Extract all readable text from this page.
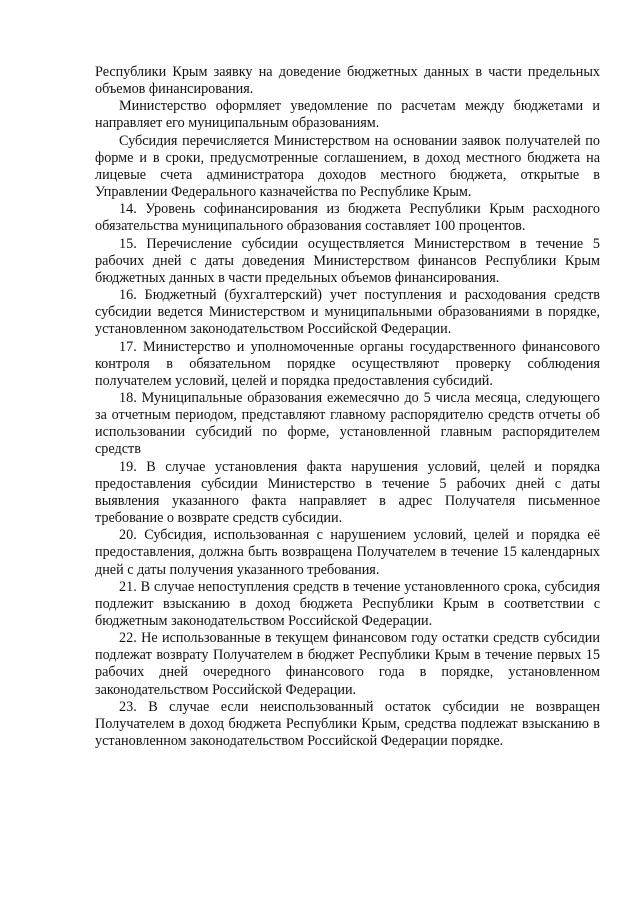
Республики Крым заявку на доведение бюджетных данных в части предельных объемов финансирования.

Министерство оформляет уведомление по расчетам между бюджетами и направляет его муниципальным образованиям.

Субсидия перечисляется Министерством на основании заявок получателей по форме и в сроки, предусмотренные соглашением, в доход местного бюджета на лицевые счета администратора доходов местного бюджета, открытые в Управлении Федерального казначейства по Республике Крым.

14. Уровень софинансирования из бюджета Республики Крым расходного обязательства муниципального образования составляет 100 процентов.

15. Перечисление субсидии осуществляется Министерством в течение 5 рабочих дней с даты доведения Министерством финансов Республики Крым бюджетных данных в части предельных объемов финансирования.

16. Бюджетный (бухгалтерский) учет поступления и расходования средств субсидии ведется Министерством и муниципальными образованиями в порядке, установленном законодательством Российской Федерации.

17. Министерство и уполномоченные органы государственного финансового контроля в обязательном порядке осуществляют проверку соблюдения получателем условий, целей и порядка предоставления субсидий.

18. Муниципальные образования ежемесячно до 5 числа месяца, следующего за отчетным периодом, представляют главному распорядителю средств отчеты об использовании субсидий по форме, установленной главным распорядителем средств

19. В случае установления факта нарушения условий, целей и порядка предоставления субсидии Министерство в течение 5 рабочих дней с даты выявления указанного факта направляет в адрес Получателя письменное требование о возврате средств субсидии.

20. Субсидия, использованная с нарушением условий, целей и порядка её предоставления, должна быть возвращена Получателем в течение 15 календарных дней с даты получения указанного требования.

21. В случае непоступления средств в течение установленного срока, субсидия подлежит взысканию в доход бюджета Республики Крым в соответствии с бюджетным законодательством Российской Федерации.

22. Не использованные в текущем финансовом году остатки средств субсидии подлежат возврату Получателем в бюджет Республики Крым в течение первых 15 рабочих дней очередного финансового года в порядке, установленном законодательством Российской Федерации.

23. В случае если неиспользованный остаток субсидии не возвращен Получателем в доход бюджета Республики Крым, средства подлежат взысканию в установленном законодательством Российской Федерации порядке.
